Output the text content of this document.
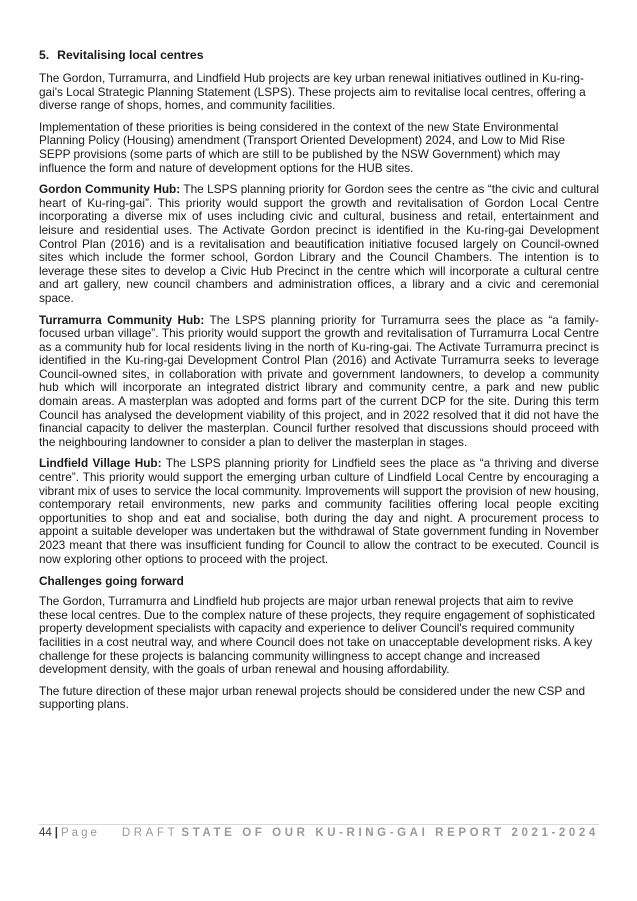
5. Revitalising local centres

The Gordon, Turramurra, and Lindfield Hub projects are key urban renewal initiatives outlined in Ku-ring-gai's Local Strategic Planning Statement (LSPS). These projects aim to revitalise local centres, offering a diverse range of shops, homes, and community facilities.

Implementation of these priorities is being considered in the context of the new State Environmental Planning Policy (Housing) amendment (Transport Oriented Development) 2024, and Low to Mid Rise SEPP provisions (some parts of which are still to be published by the NSW Government) which may influence the form and nature of development options for the HUB sites.

Gordon Community Hub: The LSPS planning priority for Gordon sees the centre as “the civic and cultural heart of Ku-ring-gai”. This priority would support the growth and revitalisation of Gordon Local Centre incorporating a diverse mix of uses including civic and cultural, business and retail, entertainment and leisure and residential uses. The Activate Gordon precinct is identified in the Ku-ring-gai Development Control Plan (2016) and is a revitalisation and beautification initiative focused largely on Council-owned sites which include the former school, Gordon Library and the Council Chambers. The intention is to leverage these sites to develop a Civic Hub Precinct in the centre which will incorporate a cultural centre and art gallery, new council chambers and administration offices, a library and a civic and ceremonial space.

Turramurra Community Hub: The LSPS planning priority for Turramurra sees the place as “a family-focused urban village”. This priority would support the growth and revitalisation of Turramurra Local Centre as a community hub for local residents living in the north of Ku-ring-gai. The Activate Turramurra precinct is identified in the Ku-ring-gai Development Control Plan (2016) and Activate Turramurra seeks to leverage Council-owned sites, in collaboration with private and government landowners, to develop a community hub which will incorporate an integrated district library and community centre, a park and new public domain areas. A masterplan was adopted and forms part of the current DCP for the site. During this term Council has analysed the development viability of this project, and in 2022 resolved that it did not have the financial capacity to deliver the masterplan. Council further resolved that discussions should proceed with the neighbouring landowner to consider a plan to deliver the masterplan in stages.

Lindfield Village Hub: The LSPS planning priority for Lindfield sees the place as “a thriving and diverse centre”. This priority would support the emerging urban culture of Lindfield Local Centre by encouraging a vibrant mix of uses to service the local community. Improvements will support the provision of new housing, contemporary retail environments, new parks and community facilities offering local people exciting opportunities to shop and eat and socialise, both during the day and night. A procurement process to appoint a suitable developer was undertaken but the withdrawal of State government funding in November 2023 meant that there was insufficient funding for Council to allow the contract to be executed. Council is now exploring other options to proceed with the project.

Challenges going forward

The Gordon, Turramurra and Lindfield hub projects are major urban renewal projects that aim to revive these local centres. Due to the complex nature of these projects, they require engagement of sophisticated property development specialists with capacity and experience to deliver Council's required community facilities in a cost neutral way, and where Council does not take on unacceptable development risks. A key challenge for these projects is balancing community willingness to accept change and increased development density, with the goals of urban renewal and housing affordability.

The future direction of these major urban renewal projects should be considered under the new CSP and supporting plans.

44 | Page DRAFT STATE OF OUR KU-RING-GAI REPORT 2021-2024
